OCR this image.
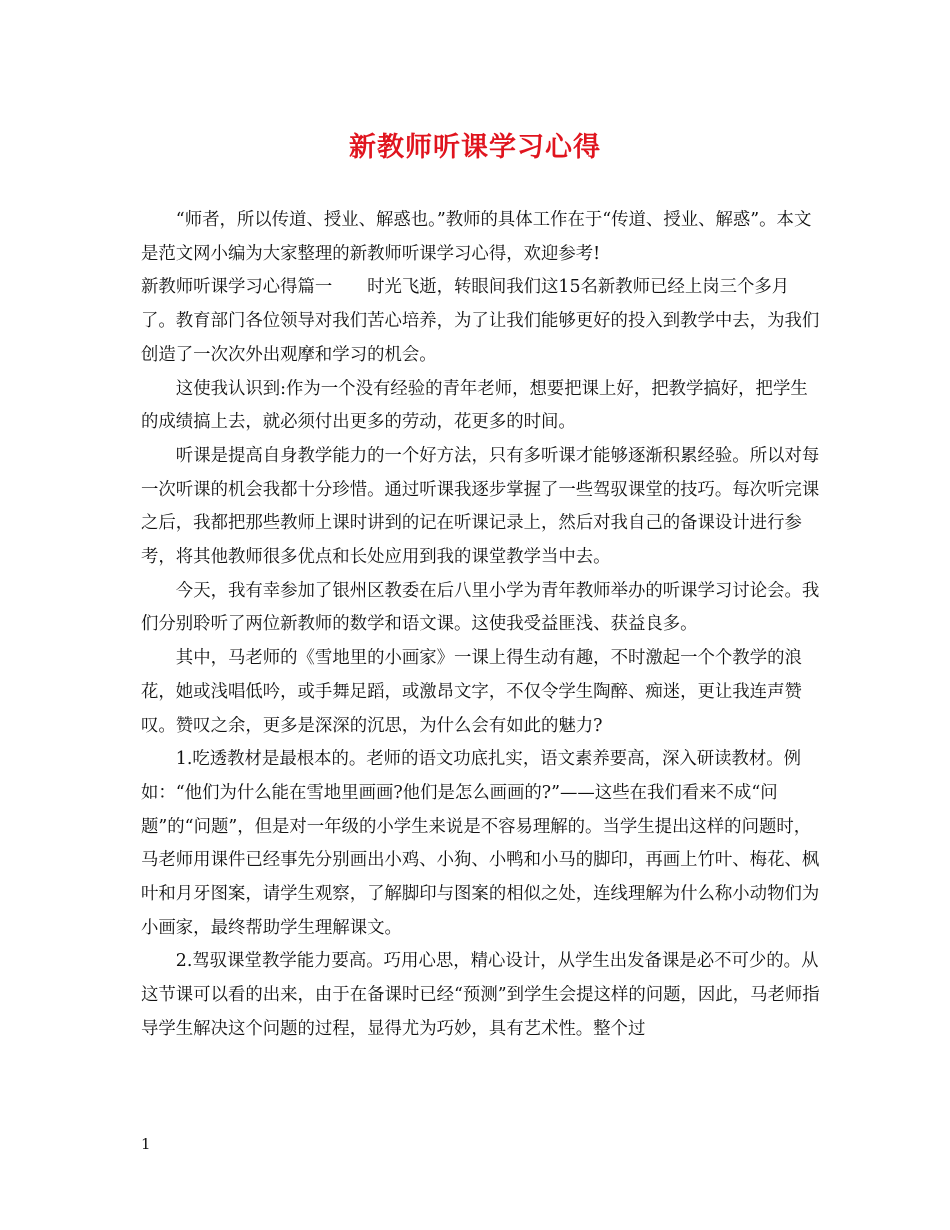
新教师听课学习心得

“师者，所以传道、授业、解惑也。”教师的具体工作在于“传道、授业、解惑”。本文是范文网小编为大家整理的新教师听课学习心得，欢迎参考!

新教师听课学习心得篇一　　时光飞逝，转眼间我们这15名新教师已经上岗三个多月了。教育部门各位领导对我们苦心培养，为了让我们能够更好的投入到教学中去，为我们创造了一次次外出观摩和学习的机会。

这使我认识到:作为一个没有经验的青年老师，想要把课上好，把教学搞好，把学生的成绩搞上去，就必须付出更多的劳动，花更多的时间。

听课是提高自身教学能力的一个好方法，只有多听课才能够逐渐积累经验。所以对每一次听课的机会我都十分珍惜。通过听课我逐步掌握了一些驾驭课堂的技巧。每次听完课之后，我都把那些教师上课时讲到的记在听课记录上，然后对我自己的备课设计进行参考，将其他教师很多优点和长处应用到我的课堂教学当中去。

今天，我有幸参加了银州区教委在后八里小学为青年教师举办的听课学习讨论会。我们分别聆听了两位新教师的数学和语文课。这使我受益匪浅、获益良多。

其中，马老师的《雪地里的小画家》一课上得生动有趣，不时激起一个个教学的浪花，她或浅唱低吟，或手舞足蹈，或激昂文字，不仅令学生陶醉、痴迷，更让我连声赞叹。赞叹之余，更多是深深的沉思，为什么会有如此的魅力?

1.吃透教材是最根本的。老师的语文功底扎实，语文素养要高，深入研读教材。例如：“他们为什么能在雪地里画画?他们是怎么画画的?”——这些在我们看来不成“问题”的“问题”，但是对一年级的小学生来说是不容易理解的。当学生提出这样的问题时，马老师用课件已经事先分别画出小鸡、小狗、小鸭和小马的脚印，再画上竹叶、梅花、枫叶和月牙图案，请学生观察，了解脚印与图案的相似之处，连线理解为什么称小动物们为小画家，最终帮助学生理解课文。

2.驾驭课堂教学能力要高。巧用心思，精心设计，从学生出发备课是必不可少的。从这节课可以看的出来，由于在备课时已经“预测”到学生会提这样的问题，因此，马老师指导学生解决这个问题的过程，显得尤为巧妙，具有艺术性。整个过

1
